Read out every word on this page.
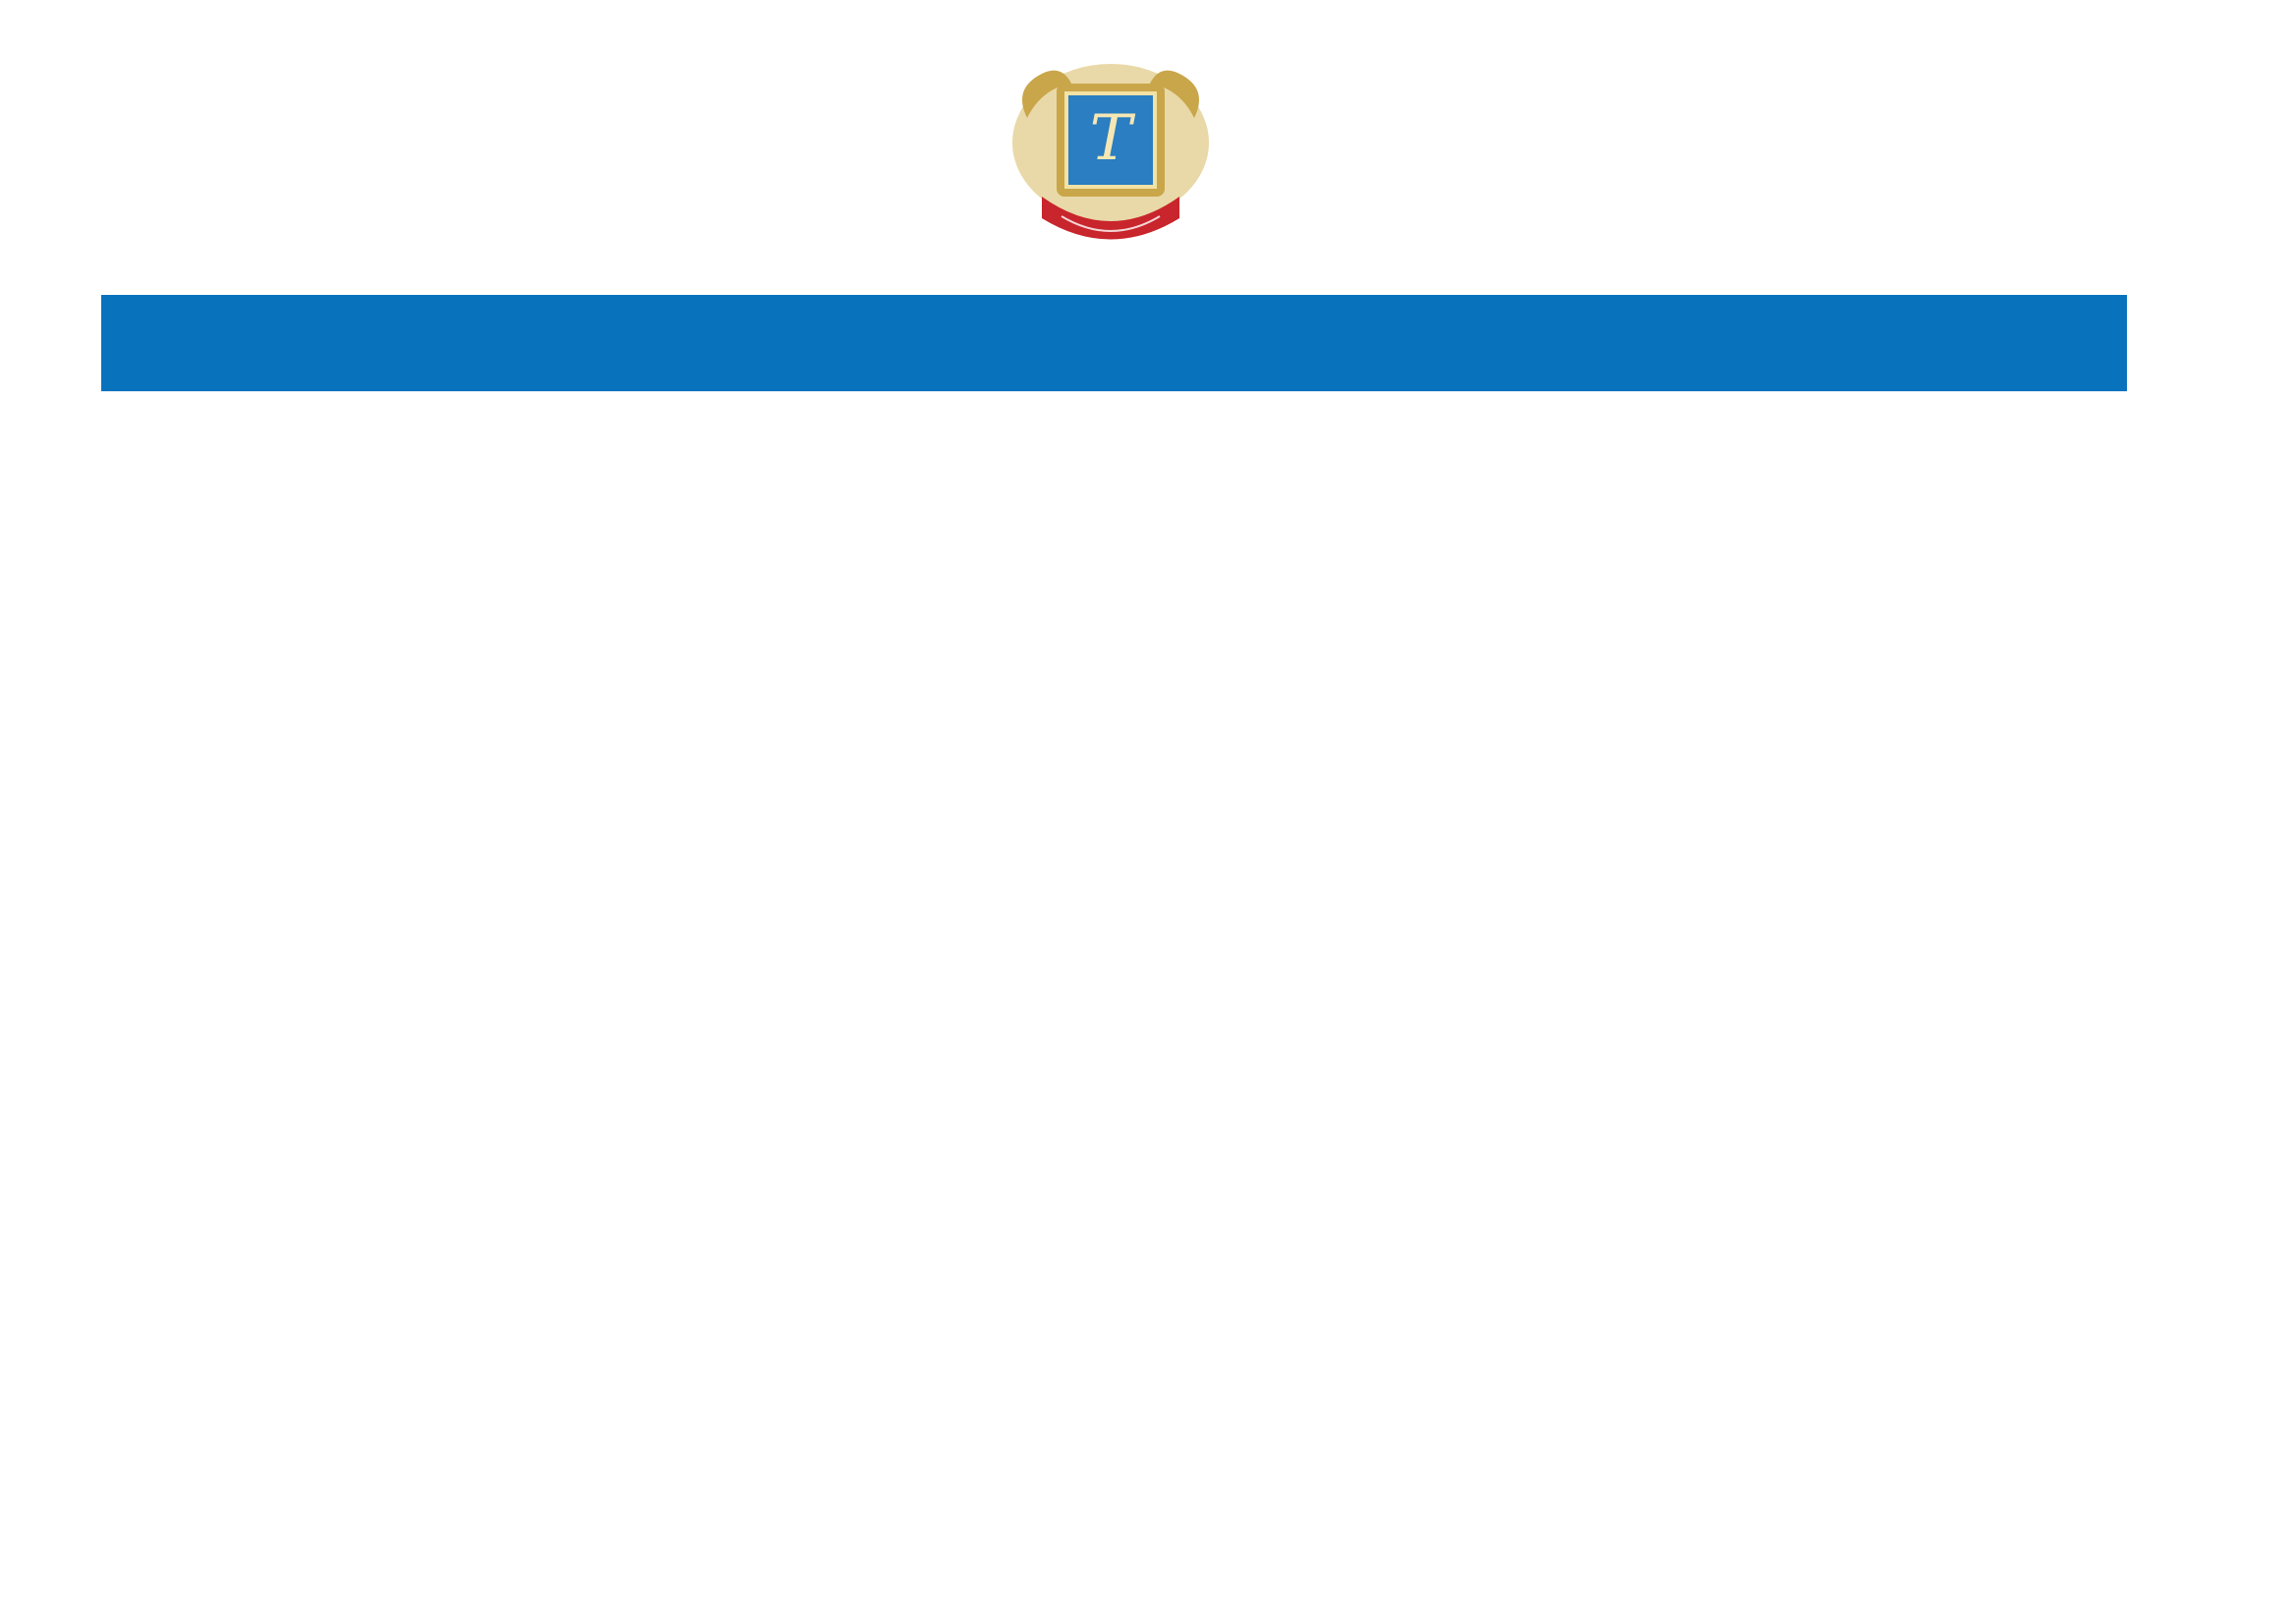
T
